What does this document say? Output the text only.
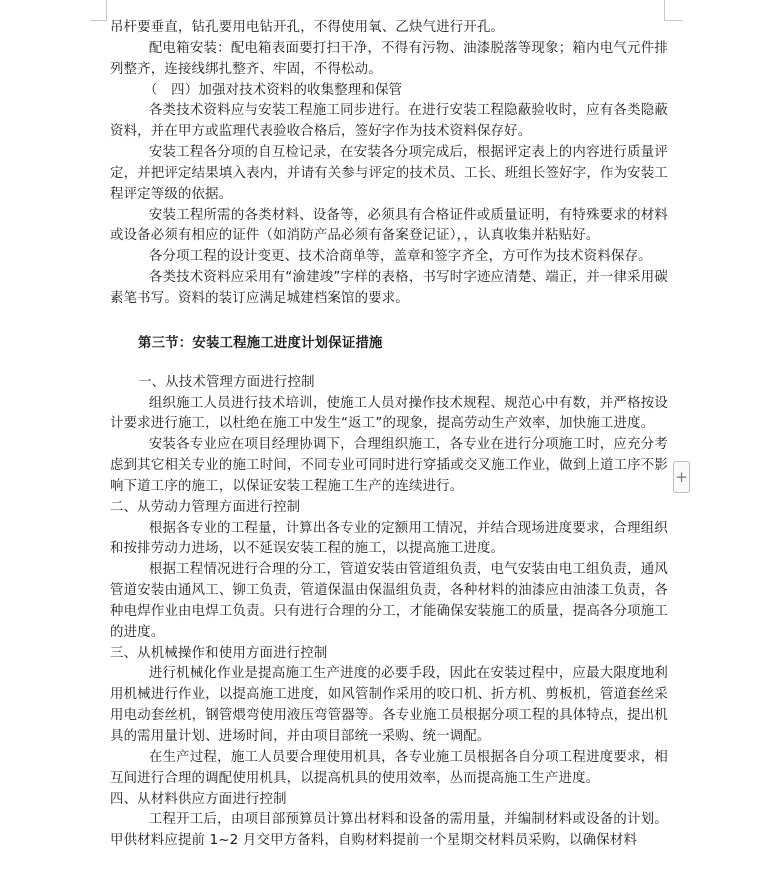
吊杆要垂直，钻孔要用电钻开孔，不得使用氧、乙炔气进行开孔。

配电箱安装：配电箱表面要打扫干净，不得有污物、油漆脱落等现象；箱内电气元件排列整齐，连接线绑扎整齐、牢固，不得松动。

（　四）加强对技术资料的收集整理和保管

各类技术资料应与安装工程施工同步进行。在进行安装工程隐蔽验收时，应有各类隐蔽资料，并在甲方或监理代表验收合格后，签好字作为技术资料保存好。

安装工程各分项的自互检记录，在安装各分项完成后，根据评定表上的内容进行质量评定，并把评定结果填入表内，并请有关参与评定的技术员、工长、班组长签好字，作为安装工程评定等级的依据。

安装工程所需的各类材料、设备等，必须具有合格证件或质量证明，有特殊要求的材料或设备必须有相应的证件（如消防产品必须有备案登记证），，认真收集并粘贴好。

各分项工程的设计变更、技术洽商单等，盖章和签字齐全，方可作为技术资料保存。

各类技术资料应采用有“渝建竣”字样的表格，书写时字迹应清楚、端正，并一律采用碳素笔书写。资料的装订应满足城建档案馆的要求。

第三节：安装工程施工进度计划保证措施

一、从技术管理方面进行控制

组织施工人员进行技术培训，使施工人员对操作技术规程、规范心中有数，并严格按设计要求进行施工，以杜绝在施工中发生“返工”的现象，提高劳动生产效率，加快施工进度。

安装各专业应在项目经理协调下，合理组织施工，各专业在进行分项施工时，应充分考虑到其它相关专业的施工时间，不同专业可同时进行穿插或交叉施工作业，做到上道工序不影响下道工序的施工，以保证安装工程施工生产的连续进行。

二、从劳动力管理方面进行控制

根据各专业的工程量，计算出各专业的定额用工情况，并结合现场进度要求，合理组织和按排劳动力进场，以不延误安装工程的施工，以提高施工进度。

根据工程情况进行合理的分工，管道安装由管道组负责，电气安装由电工组负责，通风管道安装由通风工、铆工负责，管道保温由保温组负责，各种材料的油漆应由油漆工负责，各种电焊作业由电焊工负责。只有进行合理的分工，才能确保安装施工的质量，提高各分项施工的进度。

三、从机械操作和使用方面进行控制

进行机械化作业是提高施工生产进度的必要手段，因此在安装过程中，应最大限度地利用机械进行作业，以提高施工进度，如风管制作采用的咬口机、折方机、剪板机，管道套丝采用电动套丝机，钢管煨弯使用液压弯管器等。各专业施工员根据分项工程的具体特点，提出机具的需用量计划、进场时间，并由项目部统一采购、统一调配。

在生产过程，施工人员要合理使用机具，各专业施工员根据各自分项工程进度要求，相互间进行合理的调配使用机具，以提高机具的使用效率，丛而提高施工生产进度。

四、从材料供应方面进行控制

工程开工后，由项目部预算员计算出材料和设备的需用量，并编制材料或设备的计划。甲供材料应提前 1~2 月交甲方备料，自购材料提前一个星期交材料员采购，以确保材料

+
